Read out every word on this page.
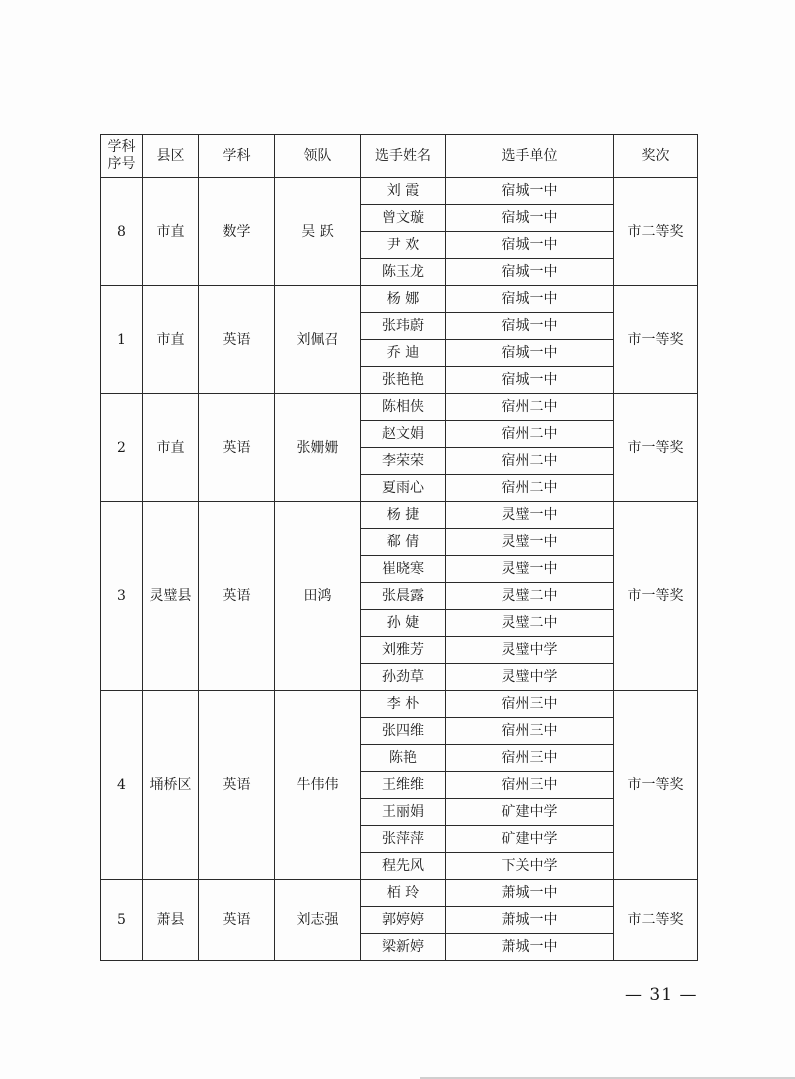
学科序号	县区	学科	领队	选手姓名	选手单位	奖次
8	市直	数学	吴 跃	刘 霞	宿城一中	市二等奖
				曾文璇	宿城一中	
				尹 欢	宿城一中	
				陈玉龙	宿城一中	
1	市直	英语	刘佩召	杨 娜	宿城一中	市一等奖
				张玮蔚	宿城一中	
				乔 迪	宿城一中	
				张艳艳	宿城一中	
2	市直	英语	张姗姗	陈相侠	宿州二中	市一等奖
				赵文娟	宿州二中	
				李荣荣	宿州二中	
				夏雨心	宿州二中	
3	灵璧县	英语	田鸿	杨 捷	灵璧一中	市一等奖
				郗 倩	灵璧一中	
				崔晓寒	灵璧一中	
				张晨露	灵璧二中	
				孙 婕	灵璧二中	
				刘雅芳	灵璧中学	
				孙劲草	灵璧中学	
4	埇桥区	英语	牛伟伟	李 朴	宿州三中	市一等奖
				张四维	宿州三中	
				陈艳	宿州三中	
				王维维	宿州三中	
				王丽娟	矿建中学	
				张萍萍	矿建中学	
				程先风	下关中学	
5	萧县	英语	刘志强	栢 玲	萧城一中	市二等奖
				郭婷婷	萧城一中	
				梁新婷	萧城一中	
— 31 —
